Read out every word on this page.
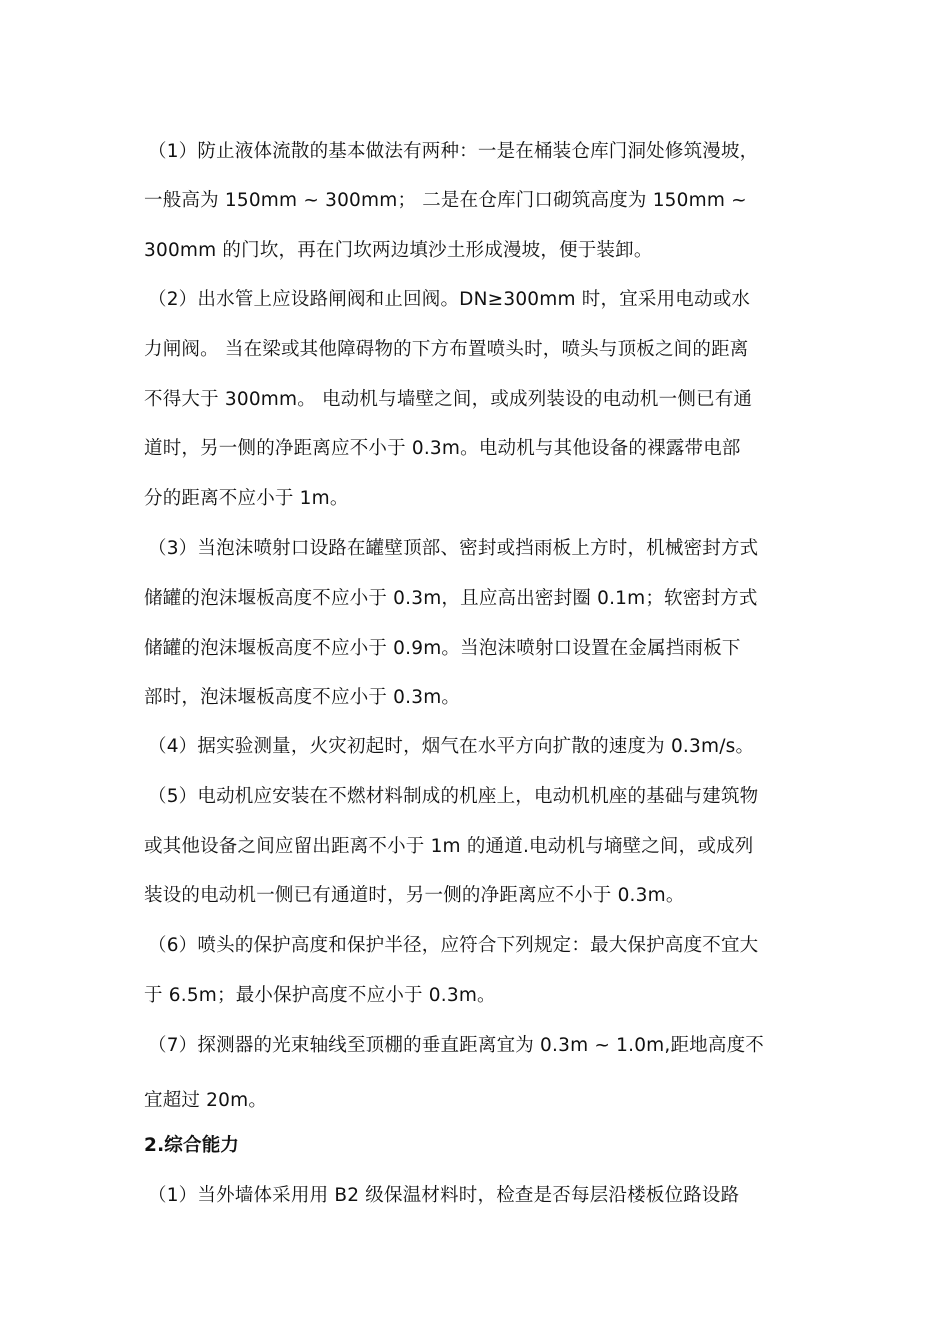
（1）防止液体流散的基本做法有两种：一是在桶装仓库门洞处修筑漫坡，
一般高为 150mm ~ 300mm； 二是在仓库门口砌筑高度为 150mm ~
300mm 的门坎，再在门坎两边填沙土形成漫坡，便于装卸。
（2）出水管上应设路闸阀和止回阀。DN≥300mm 时，宜采用电动或水
力闸阀。 当在梁或其他障碍物的下方布置喷头时，喷头与顶板之间的距离
不得大于 300mm。 电动机与墙壁之间，或成列装设的电动机一侧已有通
道时，另一侧的净距离应不小于 0.3m。电动机与其他设备的裸露带电部
分的距离不应小于 1m。
（3）当泡沫喷射口设路在罐壁顶部、密封或挡雨板上方时，机械密封方式
储罐的泡沫堰板高度不应小于 0.3m，且应高出密封圈 0.1m；软密封方式
储罐的泡沫堰板高度不应小于 0.9m。当泡沫喷射口设置在金属挡雨板下
部时，泡沫堰板高度不应小于 0.3m。
（4）据实验测量，火灾初起时，烟气在水平方向扩散的速度为 0.3m/s。
（5）电动机应安装在不燃材料制成的机座上，电动机机座的基础与建筑物
或其他设备之间应留出距离不小于 1m 的通道.电动机与墒壁之间，或成列
装设的电动机一侧已有通道时，另一侧的净距离应不小于 0.3m。
（6）喷头的保护高度和保护半径，应符合下列规定：最大保护高度不宜大
于 6.5m；最小保护高度不应小于 0.3m。
（7）探测器的光束轴线至顶棚的垂直距离宜为 0.3m ~ 1.0m,距地高度不
宜超过 20m。
2.综合能力
（1）当外墙体采用用 B2 级保温材料时，检查是否每层沿楼板位路设路
